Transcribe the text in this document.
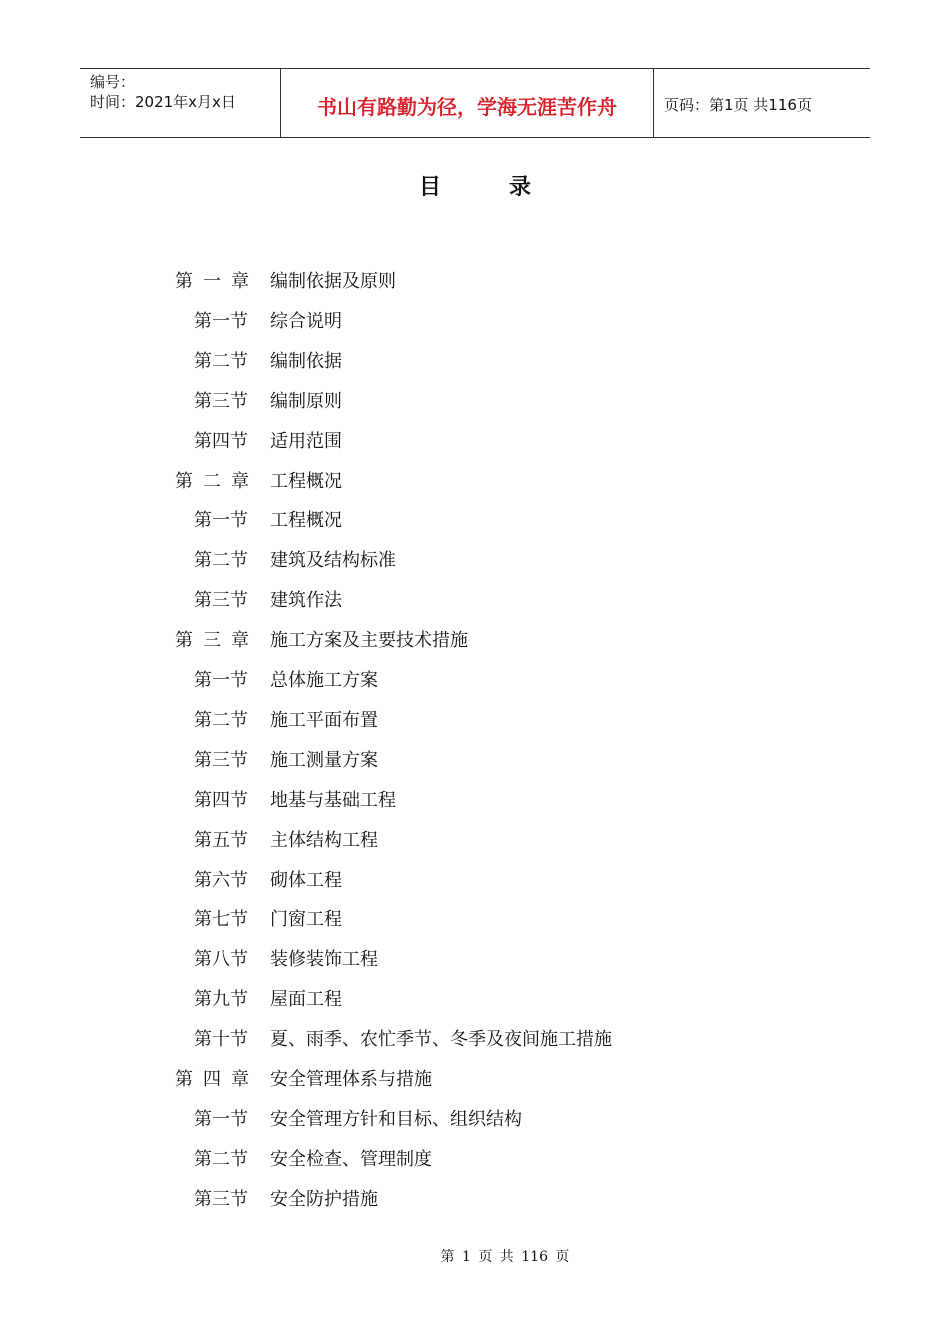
编号：
时间：2021年x月x日	书山有路勤为径，学海无涯苦作舟	页码：第1页 共116页
目	录
第一章 编制依据及原则
第一节 综合说明
第二节 编制依据
第三节 编制原则
第四节 适用范围
第二章 工程概况
第一节 工程概况
第二节 建筑及结构标准
第三节 建筑作法
第三章 施工方案及主要技术措施
第一节 总体施工方案
第二节 施工平面布置
第三节 施工测量方案
第四节 地基与基础工程
第五节 主体结构工程
第六节 砌体工程
第七节 门窗工程
第八节 装修装饰工程
第九节 屋面工程
第十节 夏、雨季、农忙季节、冬季及夜间施工措施
第四章 安全管理体系与措施
第一节 安全管理方针和目标、组织结构
第二节 安全检查、管理制度
第三节 安全防护措施
第 1 页 共 116 页
